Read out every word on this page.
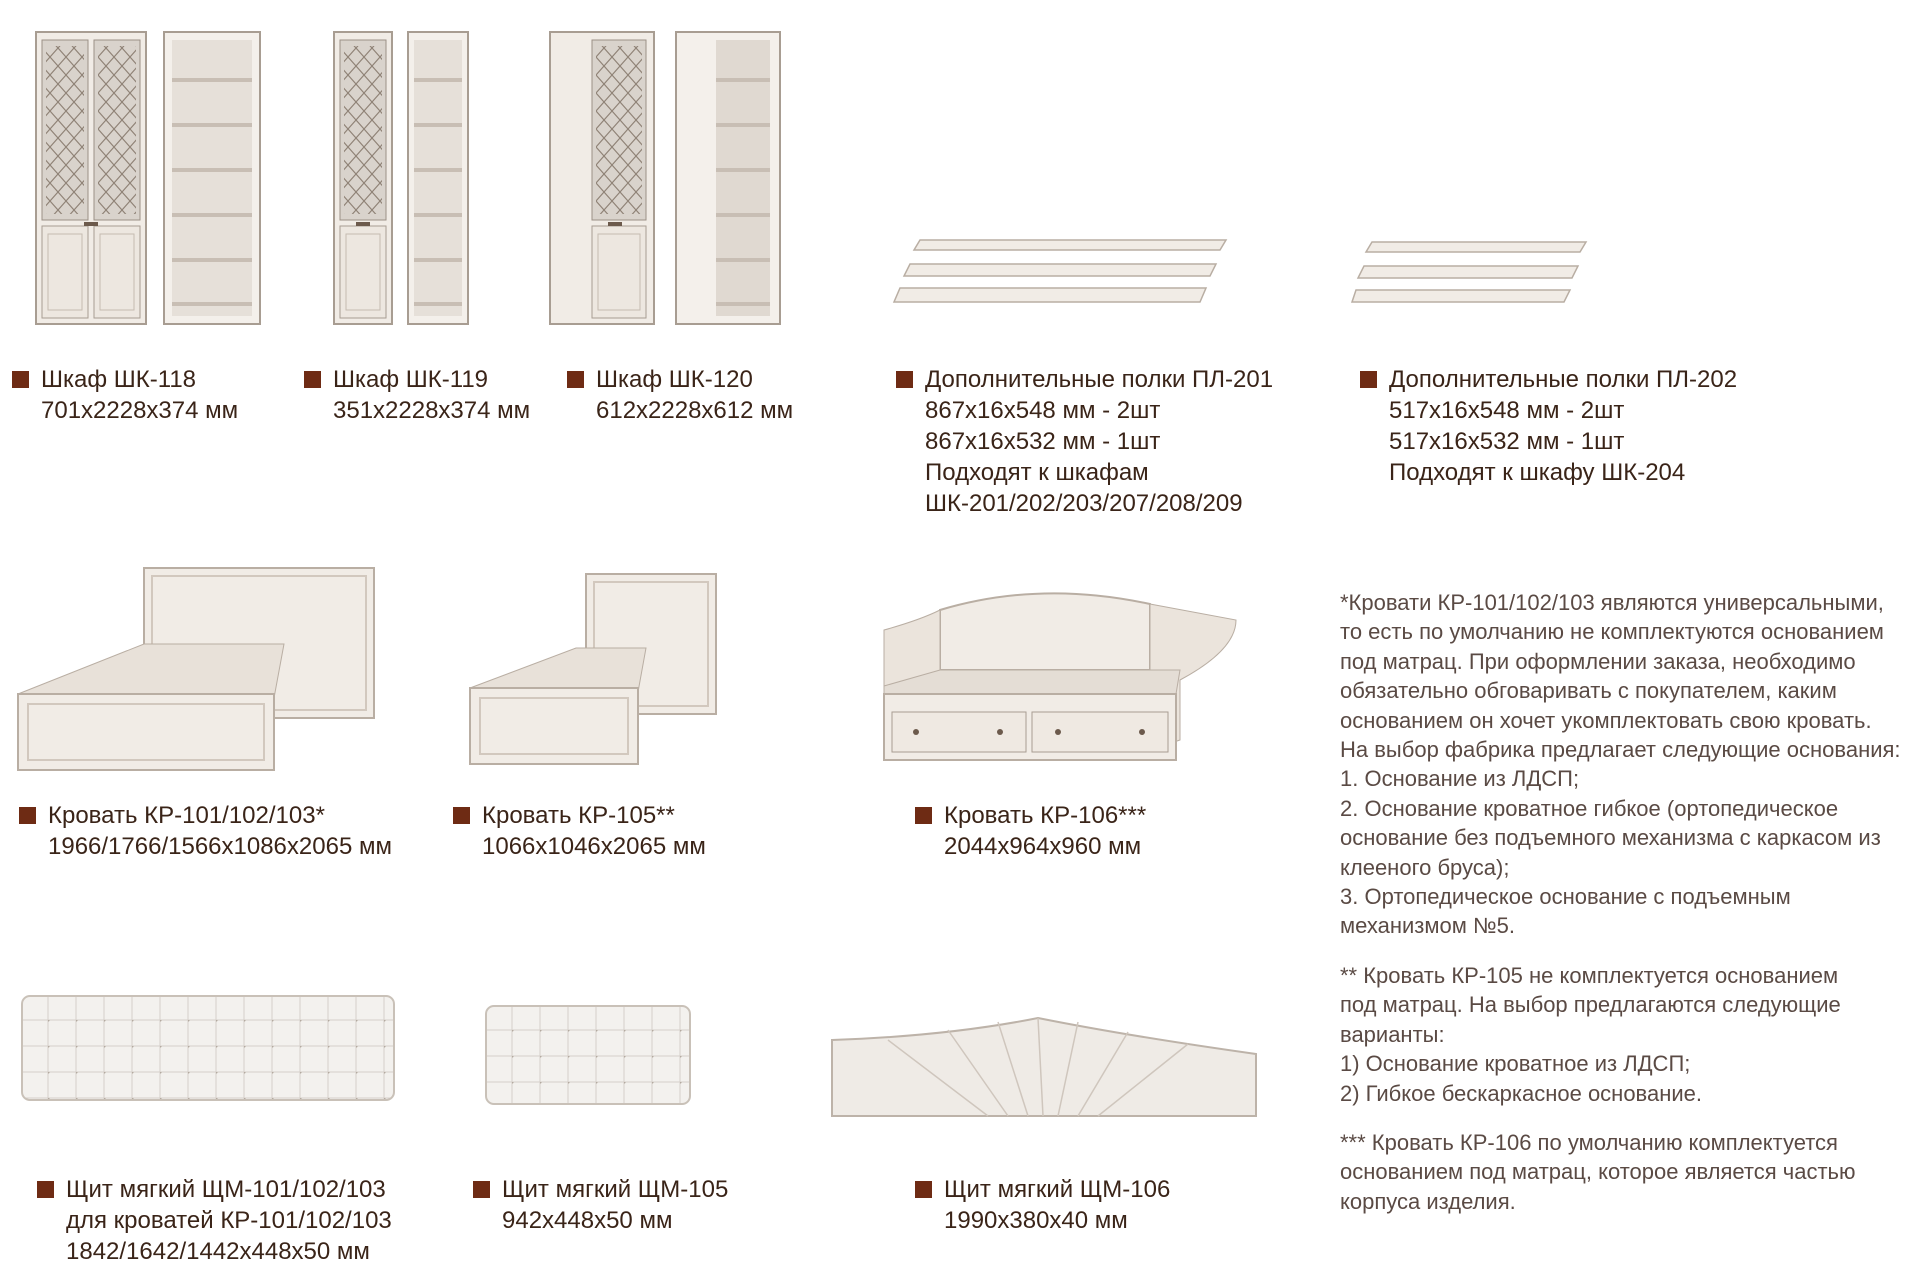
Шкаф ШК-118
701х2228х374 мм
Шкаф ШК-119
351х2228х374 мм
Шкаф ШК-120
612х2228х612 мм
Дополнительные полки ПЛ-201
867х16х548 мм - 2шт
867х16х532 мм - 1шт
Подходят к шкафам
ШК-201/202/203/207/208/209
Дополнительные полки ПЛ-202
517х16х548 мм - 2шт
517х16х532 мм - 1шт
Подходят к шкафу ШК-204
Кровать КР-101/102/103*
1966/1766/1566х1086х2065 мм
Кровать КР-105**
1066х1046х2065 мм
Кровать КР-106***
2044х964х960 мм
Щит мягкий ЩМ-101/102/103
для кроватей КР-101/102/103
1842/1642/1442х448х50 мм
Щит мягкий ЩМ-105
942х448х50 мм
Щит мягкий ЩМ-106
1990х380х40 мм
*Кровати КР-101/102/103 являются универсальными,
то есть по умолчанию не комплектуются основанием
под матрац. При оформлении заказа, необходимо
обязательно обговаривать с покупателем, каким
основанием он хочет укомплектовать свою кровать.
На выбор фабрика предлагает следующие основания:
1. Основание из ЛДСП;
2. Основание кроватное гибкое (ортопедическое
основание без подъемного механизма с каркасом из
клееного бруса);
3. Ортопедическое основание с подъемным
механизмом №5.
** Кровать КР-105 не комплектуется основанием
под матрац. На выбор предлагаются следующие
варианты:
1) Основание кроватное из ЛДСП;
2) Гибкое бескаркасное основание.
*** Кровать КР-106 по умолчанию комплектуется
основанием под матрац, которое является частью
корпуса изделия.
